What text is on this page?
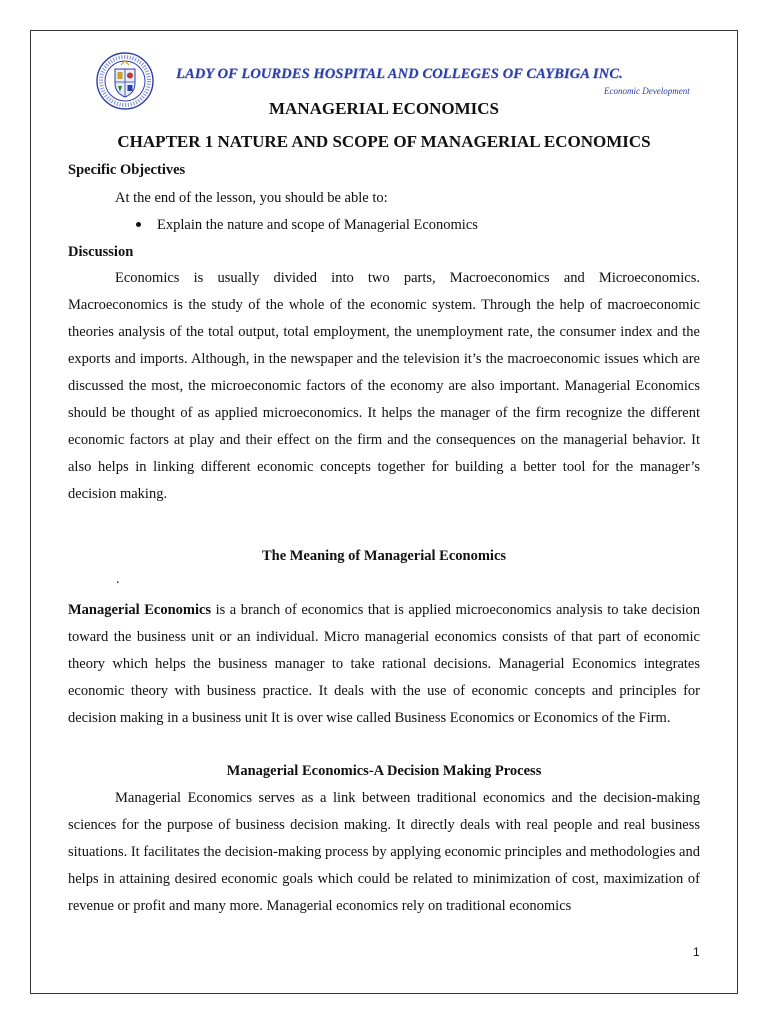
LADY OF LOURDES HOSPITAL AND COLLEGES OF CAYBIGA INC.
Economic Development
MANAGERIAL ECONOMICS
CHAPTER 1 NATURE AND SCOPE OF MANAGERIAL ECONOMICS
Specific Objectives
At the end of the lesson, you should be able to:
Explain the nature and scope of Managerial Economics
Discussion

Economics is usually divided into two parts, Macroeconomics and Microeconomics. Macroeconomics is the study of the whole of the economic system. Through the help of macroeconomic theories analysis of the total output, total employment, the unemployment rate, the consumer index and the exports and imports. Although, in the newspaper and the television it’s the macroeconomic issues which are discussed the most, the microeconomic factors of the economy are also important. Managerial Economics should be thought of as applied microeconomics. It helps the manager of the firm recognize the different economic factors at play and their effect on the firm and the consequences on the managerial behavior. It also helps in linking different economic concepts together for building a better tool for the manager’s decision making.

The Meaning of Managerial Economics
.

Managerial Economics is a branch of economics that is applied microeconomics analysis to take decision toward the business unit or an individual. Micro managerial economics consists of that part of economic theory which helps the business manager to take rational decisions. Managerial Economics integrates economic theory with business practice. It deals with the use of economic concepts and principles for decision making in a business unit It is over wise called Business Economics or Economics of the Firm.

Managerial Economics-A Decision Making Process

Managerial Economics serves as a link between traditional economics and the decision-making sciences for the purpose of business decision making. It directly deals with real people and real business situations. It facilitates the decision-making process by applying economic principles and methodologies and helps in attaining desired economic goals which could be related to minimization of cost, maximization of revenue or profit and many more. Managerial economics rely on traditional economics

1
